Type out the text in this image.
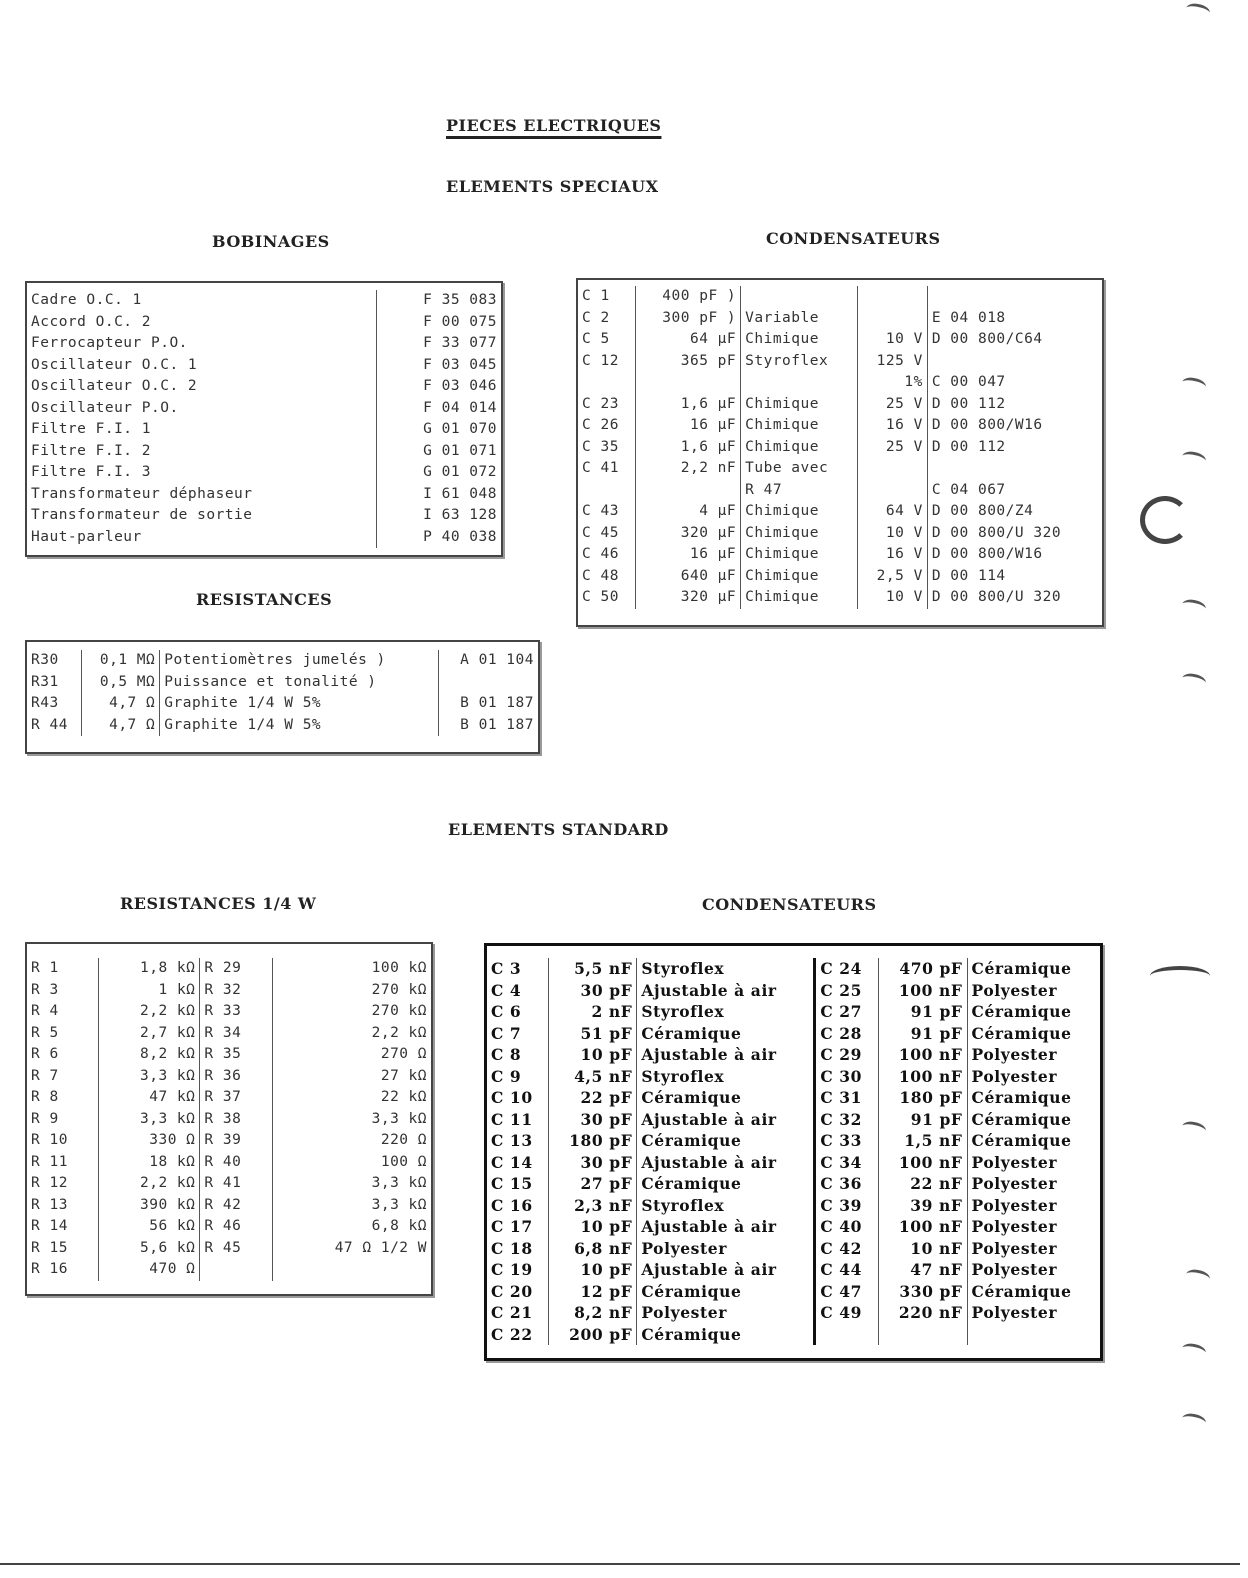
PIECES ELECTRIQUES
ELEMENTS SPECIAUX
BOBINAGES	CONDENSATEURS
RESISTANCES
ELEMENTS STANDARD
RESISTANCES 1/4 W	CONDENSATEURS
Cadre O.C. 1	F 35 083
Accord O.C. 2	F 00 075
Ferrocapteur P.O.	F 33 077
Oscillateur O.C. 1	F 03 045
Oscillateur O.C. 2	F 03 046
Oscillateur P.O.	F 04 014
Filtre F.I. 1	G 01 070
Filtre F.I. 2	G 01 071
Filtre F.I. 3	G 01 072
Transformateur déphaseur	I 61 048
Transformateur de sortie	I 63 128
Haut-parleur	P 40 038
C 1	400 pF )			
C 2	300 pF )	Variable		E 04 018
C 5	64 µF	Chimique	10 V	D 00 800/C64
C 12	365 pF	Styroflex	125 V	
			1%	C 00 047
C 23	1,6 µF	Chimique	25 V	D 00 112
C 26	16 µF	Chimique	16 V	D 00 800/W16
C 35	1,6 µF	Chimique	25 V	D 00 112
C 41	2,2 nF	Tube avec		
		R 47		C 04 067
C 43	4 µF	Chimique	64 V	D 00 800/Z4
C 45	320 µF	Chimique	10 V	D 00 800/U 320
C 46	16 µF	Chimique	16 V	D 00 800/W16
C 48	640 µF	Chimique	2,5 V	D 00 114
C 50	320 µF	Chimique	10 V	D 00 800/U 320
R30	0,1 MΩ	Potentiomètres jumelés )	A 01 104
R31	0,5 MΩ	Puissance et tonalité )	
R43	4,7 Ω	Graphite 1/4 W 5%	B 01 187
R 44	4,7 Ω	Graphite 1/4 W 5%	B 01 187
R 1	1,8 kΩ	R 29	100 kΩ
R 3	1 kΩ	R 32	270 kΩ
R 4	2,2 kΩ	R 33	270 kΩ
R 5	2,7 kΩ	R 34	2,2 kΩ
R 6	8,2 kΩ	R 35	270 Ω
R 7	3,3 kΩ	R 36	27 kΩ
R 8	47 kΩ	R 37	22 kΩ
R 9	3,3 kΩ	R 38	3,3 kΩ
R 10	330 Ω	R 39	220 Ω
R 11	18 kΩ	R 40	100 Ω
R 12	2,2 kΩ	R 41	3,3 kΩ
R 13	390 kΩ	R 42	3,3 kΩ
R 14	56 kΩ	R 46	6,8 kΩ
R 15	5,6 kΩ	R 45	47 Ω 1/2 W
R 16	470 Ω		
C 3	5,5 nF	Styroflex	C 24	470 pF	Céramique
C 4	30 pF	Ajustable à air	C 25	100 nF	Polyester
C 6	2 nF	Styroflex	C 27	91 pF	Céramique
C 7	51 pF	Céramique	C 28	91 pF	Céramique
C 8	10 pF	Ajustable à air	C 29	100 nF	Polyester
C 9	4,5 nF	Styroflex	C 30	100 nF	Polyester
C 10	22 pF	Céramique	C 31	180 pF	Céramique
C 11	30 pF	Ajustable à air	C 32	91 pF	Céramique
C 13	180 pF	Céramique	C 33	1,5 nF	Céramique
C 14	30 pF	Ajustable à air	C 34	100 nF	Polyester
C 15	27 pF	Céramique	C 36	22 nF	Polyester
C 16	2,3 nF	Styroflex	C 39	39 nF	Polyester
C 17	10 pF	Ajustable à air	C 40	100 nF	Polyester
C 18	6,8 nF	Polyester	C 42	10 nF	Polyester
C 19	10 pF	Ajustable à air	C 44	47 nF	Polyester
C 20	12 pF	Céramique	C 47	330 pF	Céramique
C 21	8,2 nF	Polyester	C 49	220 nF	Polyester
C 22	200 pF	Céramique			
